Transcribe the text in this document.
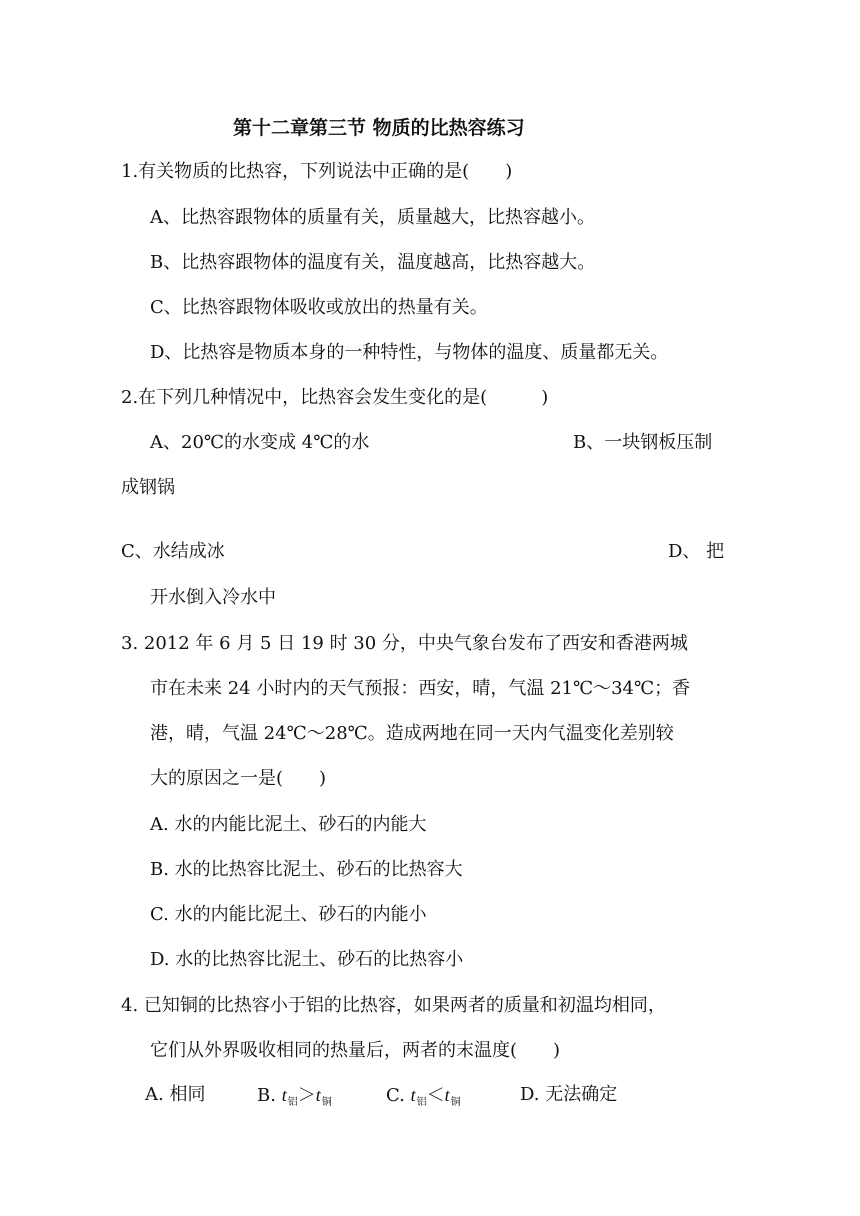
第十二章第三节 物质的比热容练习
1.有关物质的比热容，下列说法中正确的是(　　)
A、比热容跟物体的质量有关，质量越大，比热容越小。
B、比热容跟物体的温度有关，温度越高，比热容越大。
C、比热容跟物体吸收或放出的热量有关。
D、比热容是物质本身的一种特性，与物体的温度、质量都无关。
2.在下列几种情况中，比热容会发生变化的是(　　　)
A、20℃的水变成 4℃的水	B、一块钢板压制
成钢锅
C、水结成冰	D、 把
开水倒入冷水中
3. 2012 年 6 月 5 日 19 时 30 分，中央气象台发布了西安和香港两城
市在未来 24 小时内的天气预报：西安，晴，气温 21℃～34℃；香
港，晴，气温 24℃～28℃。造成两地在同一天内气温变化差别较
大的原因之一是(　　)
A. 水的内能比泥土、砂石的内能大
B. 水的比热容比泥土、砂石的比热容大
C. 水的内能比泥土、砂石的内能小
D. 水的比热容比泥土、砂石的比热容小
4. 已知铜的比热容小于铝的比热容，如果两者的质量和初温均相同，
它们从外界吸收相同的热量后，两者的末温度(　　)
A. 相同	B. $t_铝>t_铜$	C. $t_铝<t_铜$	D. 无法确定
